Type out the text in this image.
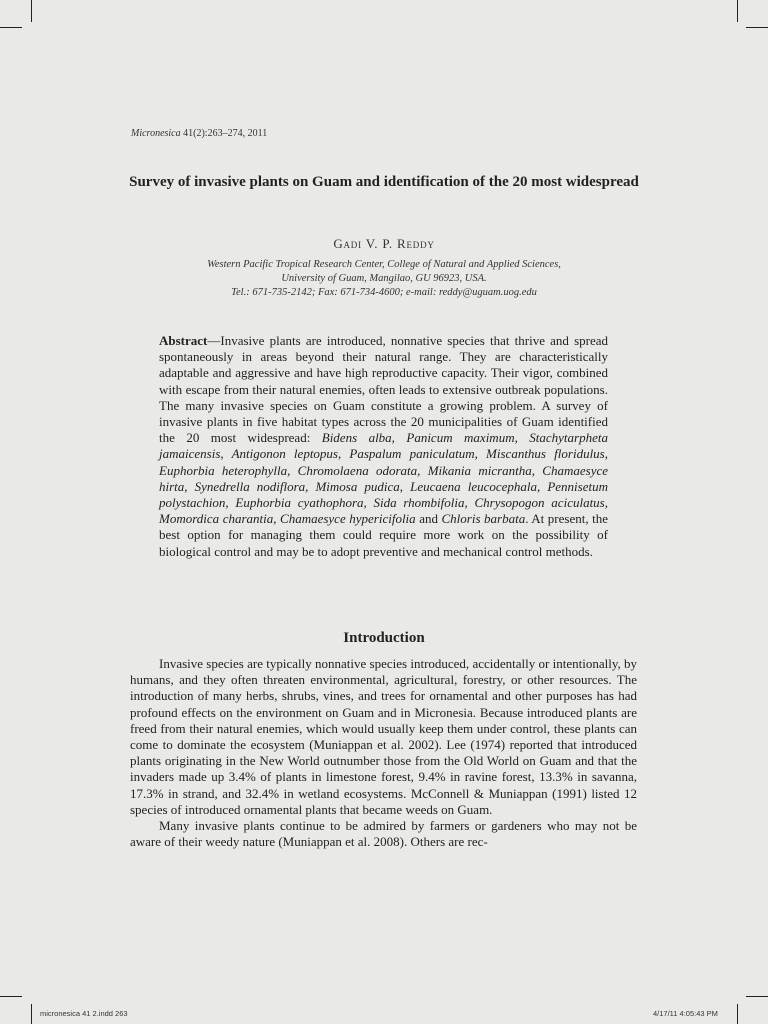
Micronesica 41(2):263–274, 2011
Survey of invasive plants on Guam and identification of the 20 most widespread
Gadi V. P. Reddy
Western Pacific Tropical Research Center, College of Natural and Applied Sciences,
University of Guam, Mangilao, GU 96923, USA.
Tel.: 671-735-2142; Fax: 671-734-4600; e-mail: reddy@uguam.uog.edu
Abstract—Invasive plants are introduced, nonnative species that thrive and spread spontaneously in areas beyond their natural range. They are characteristically adaptable and aggressive and have high reproductive capacity. Their vigor, combined with escape from their natural enemies, often leads to extensive outbreak populations. The many invasive species on Guam constitute a growing problem. A survey of invasive plants in five habitat types across the 20 municipalities of Guam identified the 20 most widespread: Bidens alba, Panicum maximum, Stachytarpheta jamaicensis, Antigonon leptopus, Paspalum paniculatum, Miscanthus floridulus, Euphorbia heterophylla, Chromolaena odorata, Mikania micrantha, Chamaesyce hirta, Synedrella nodiflora, Mimosa pudica, Leucaena leucocephala, Pennisetum polystachion, Euphorbia cyathophora, Sida rhombifolia, Chrysopogon aciculatus, Momordica charantia, Chamaesyce hypericifolia and Chloris barbata. At present, the best option for managing them could require more work on the possibility of biological control and may be to adopt preventive and mechanical control methods.
Introduction

Invasive species are typically nonnative species introduced, accidentally or intentionally, by humans, and they often threaten environmental, agricultural, forestry, or other resources. The introduction of many herbs, shrubs, vines, and trees for ornamental and other purposes has had profound effects on the environment on Guam and in Micronesia. Because introduced plants are freed from their natural enemies, which would usually keep them under control, these plants can come to dominate the ecosystem (Muniappan et al. 2002). Lee (1974) reported that introduced plants originating in the New World outnumber those from the Old World on Guam and that the invaders made up 3.4% of plants in limestone forest, 9.4% in ravine forest, 13.3% in savanna, 17.3% in strand, and 32.4% in wetland ecosystems. McConnell & Muniappan (1991) listed 12 species of introduced ornamental plants that became weeds on Guam.

Many invasive plants continue to be admired by farmers or gardeners who may not be aware of their weedy nature (Muniappan et al. 2008). Others are rec-

micronesica 41 2.indd 263	4/17/11 4:05:43 PM
